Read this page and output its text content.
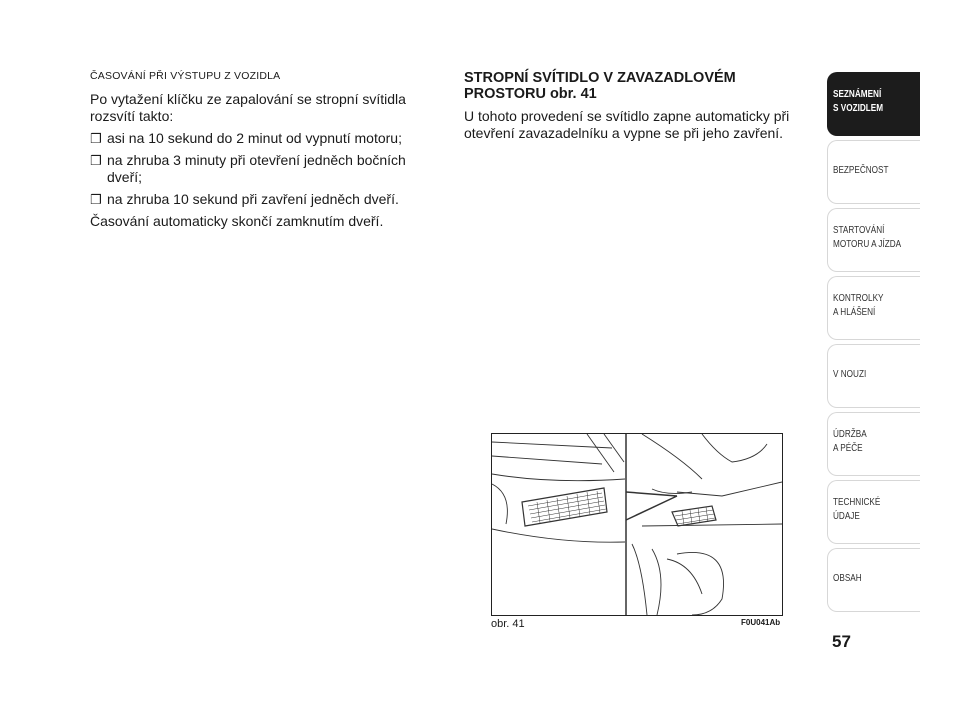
ČASOVÁNÍ PŘI VÝSTUPU Z VOZIDLA

Po vytažení klíčku ze zapalování se stropní svítidla rozsvítí takto:

❒ asi na 10 sekund do 2 minut od vypnutí motoru;
❒ na zhruba 3 minuty při otevření jedněch bočních dveří;
❒ na zhruba 10 sekund při zavření jedněch dveří.

Časování automaticky skončí zamknutím dveří.

STROPNÍ SVÍTIDLO V ZAVAZADLOVÉM PROSTORU obr. 41

U tohoto provedení se svítidlo zapne automaticky při otevření zavazadelníku a vypne se při jeho zavření.

obr. 41	F0U041Ab
SEZNÁMENÍ
S VOZIDLEM
BEZPEČNOST
STARTOVÁNÍ
MOTORU A JÍZDA
KONTROLKY
A HLÁŠENÍ
V NOUZI
ÚDRŽBA
A PÉČE
TECHNICKÉ
ÚDAJE
OBSAH
57
